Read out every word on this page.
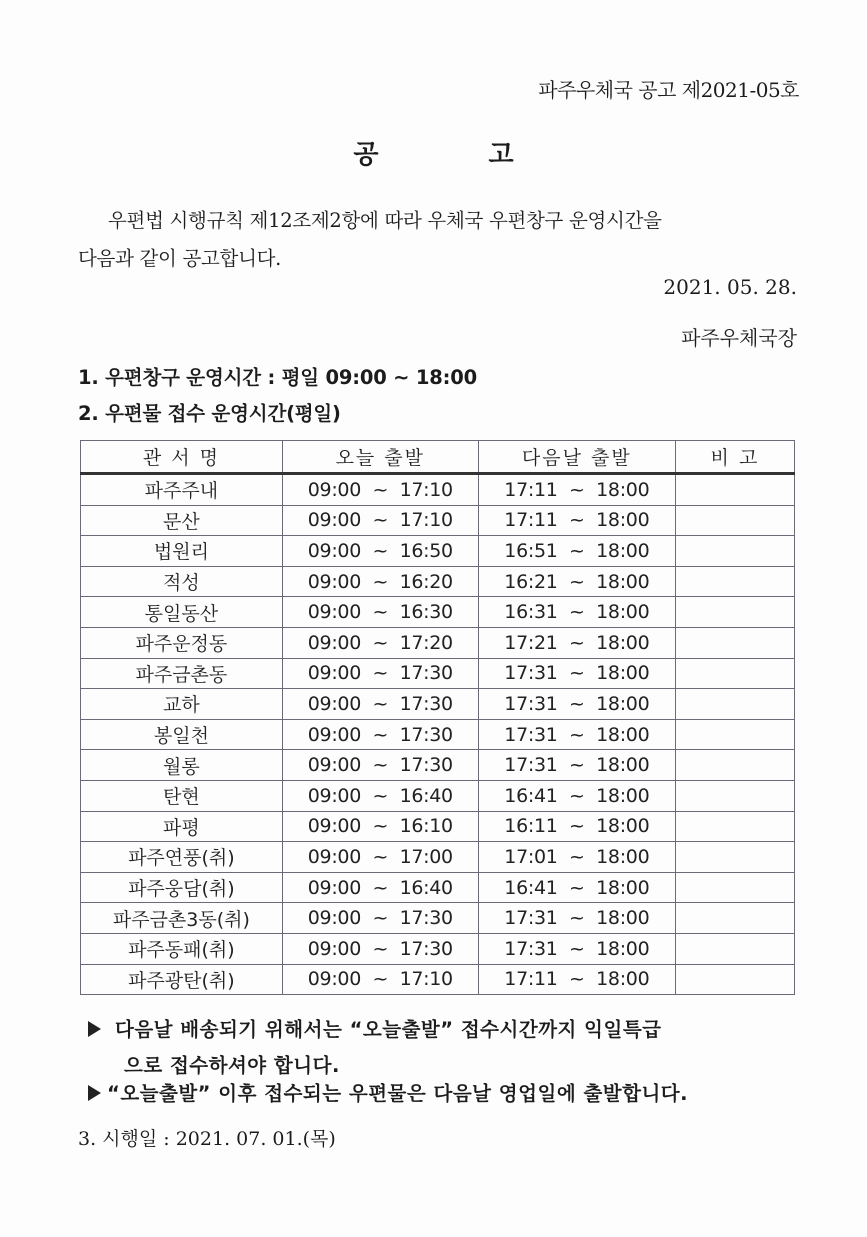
파주우체국 공고 제2021-05호
공	고
우편법 시행규칙 제12조제2항에 따라 우체국 우편창구 운영시간을
다음과 같이 공고합니다.
2021. 05. 28.
파주우체국장
1. 우편창구 운영시간 : 평일 09:00 ~ 18:00
2. 우편물 접수 운영시간(평일)
관 서 명	오늘 출발	다음날 출발	비 고
파주주내	09:00  ~  17:10	17:11  ~  18:00	
문산	09:00  ~  17:10	17:11  ~  18:00	
법원리	09:00  ~  16:50	16:51  ~  18:00	
적성	09:00  ~  16:20	16:21  ~  18:00	
통일동산	09:00  ~  16:30	16:31  ~  18:00	
파주운정동	09:00  ~  17:20	17:21  ~  18:00	
파주금촌동	09:00  ~  17:30	17:31  ~  18:00	
교하	09:00  ~  17:30	17:31  ~  18:00	
봉일천	09:00  ~  17:30	17:31  ~  18:00	
월롱	09:00  ~  17:30	17:31  ~  18:00	
탄현	09:00  ~  16:40	16:41  ~  18:00	
파평	09:00  ~  16:10	16:11  ~  18:00	
파주연풍(취)	09:00  ~  17:00	17:01  ~  18:00	
파주웅담(취)	09:00  ~  16:40	16:41  ~  18:00	
파주금촌3동(취)	09:00  ~  17:30	17:31  ~  18:00	
파주동패(취)	09:00  ~  17:30	17:31  ~  18:00	
파주광탄(취)	09:00  ~  17:10	17:11  ~  18:00	
다음날 배송되기 위해서는 “오늘출발” 접수시간까지 익일특급
으로 접수하셔야 합니다.
“오늘출발” 이후 접수되는 우편물은 다음날 영업일에 출발합니다.
3. 시행일 : 2021. 07. 01.(목)
